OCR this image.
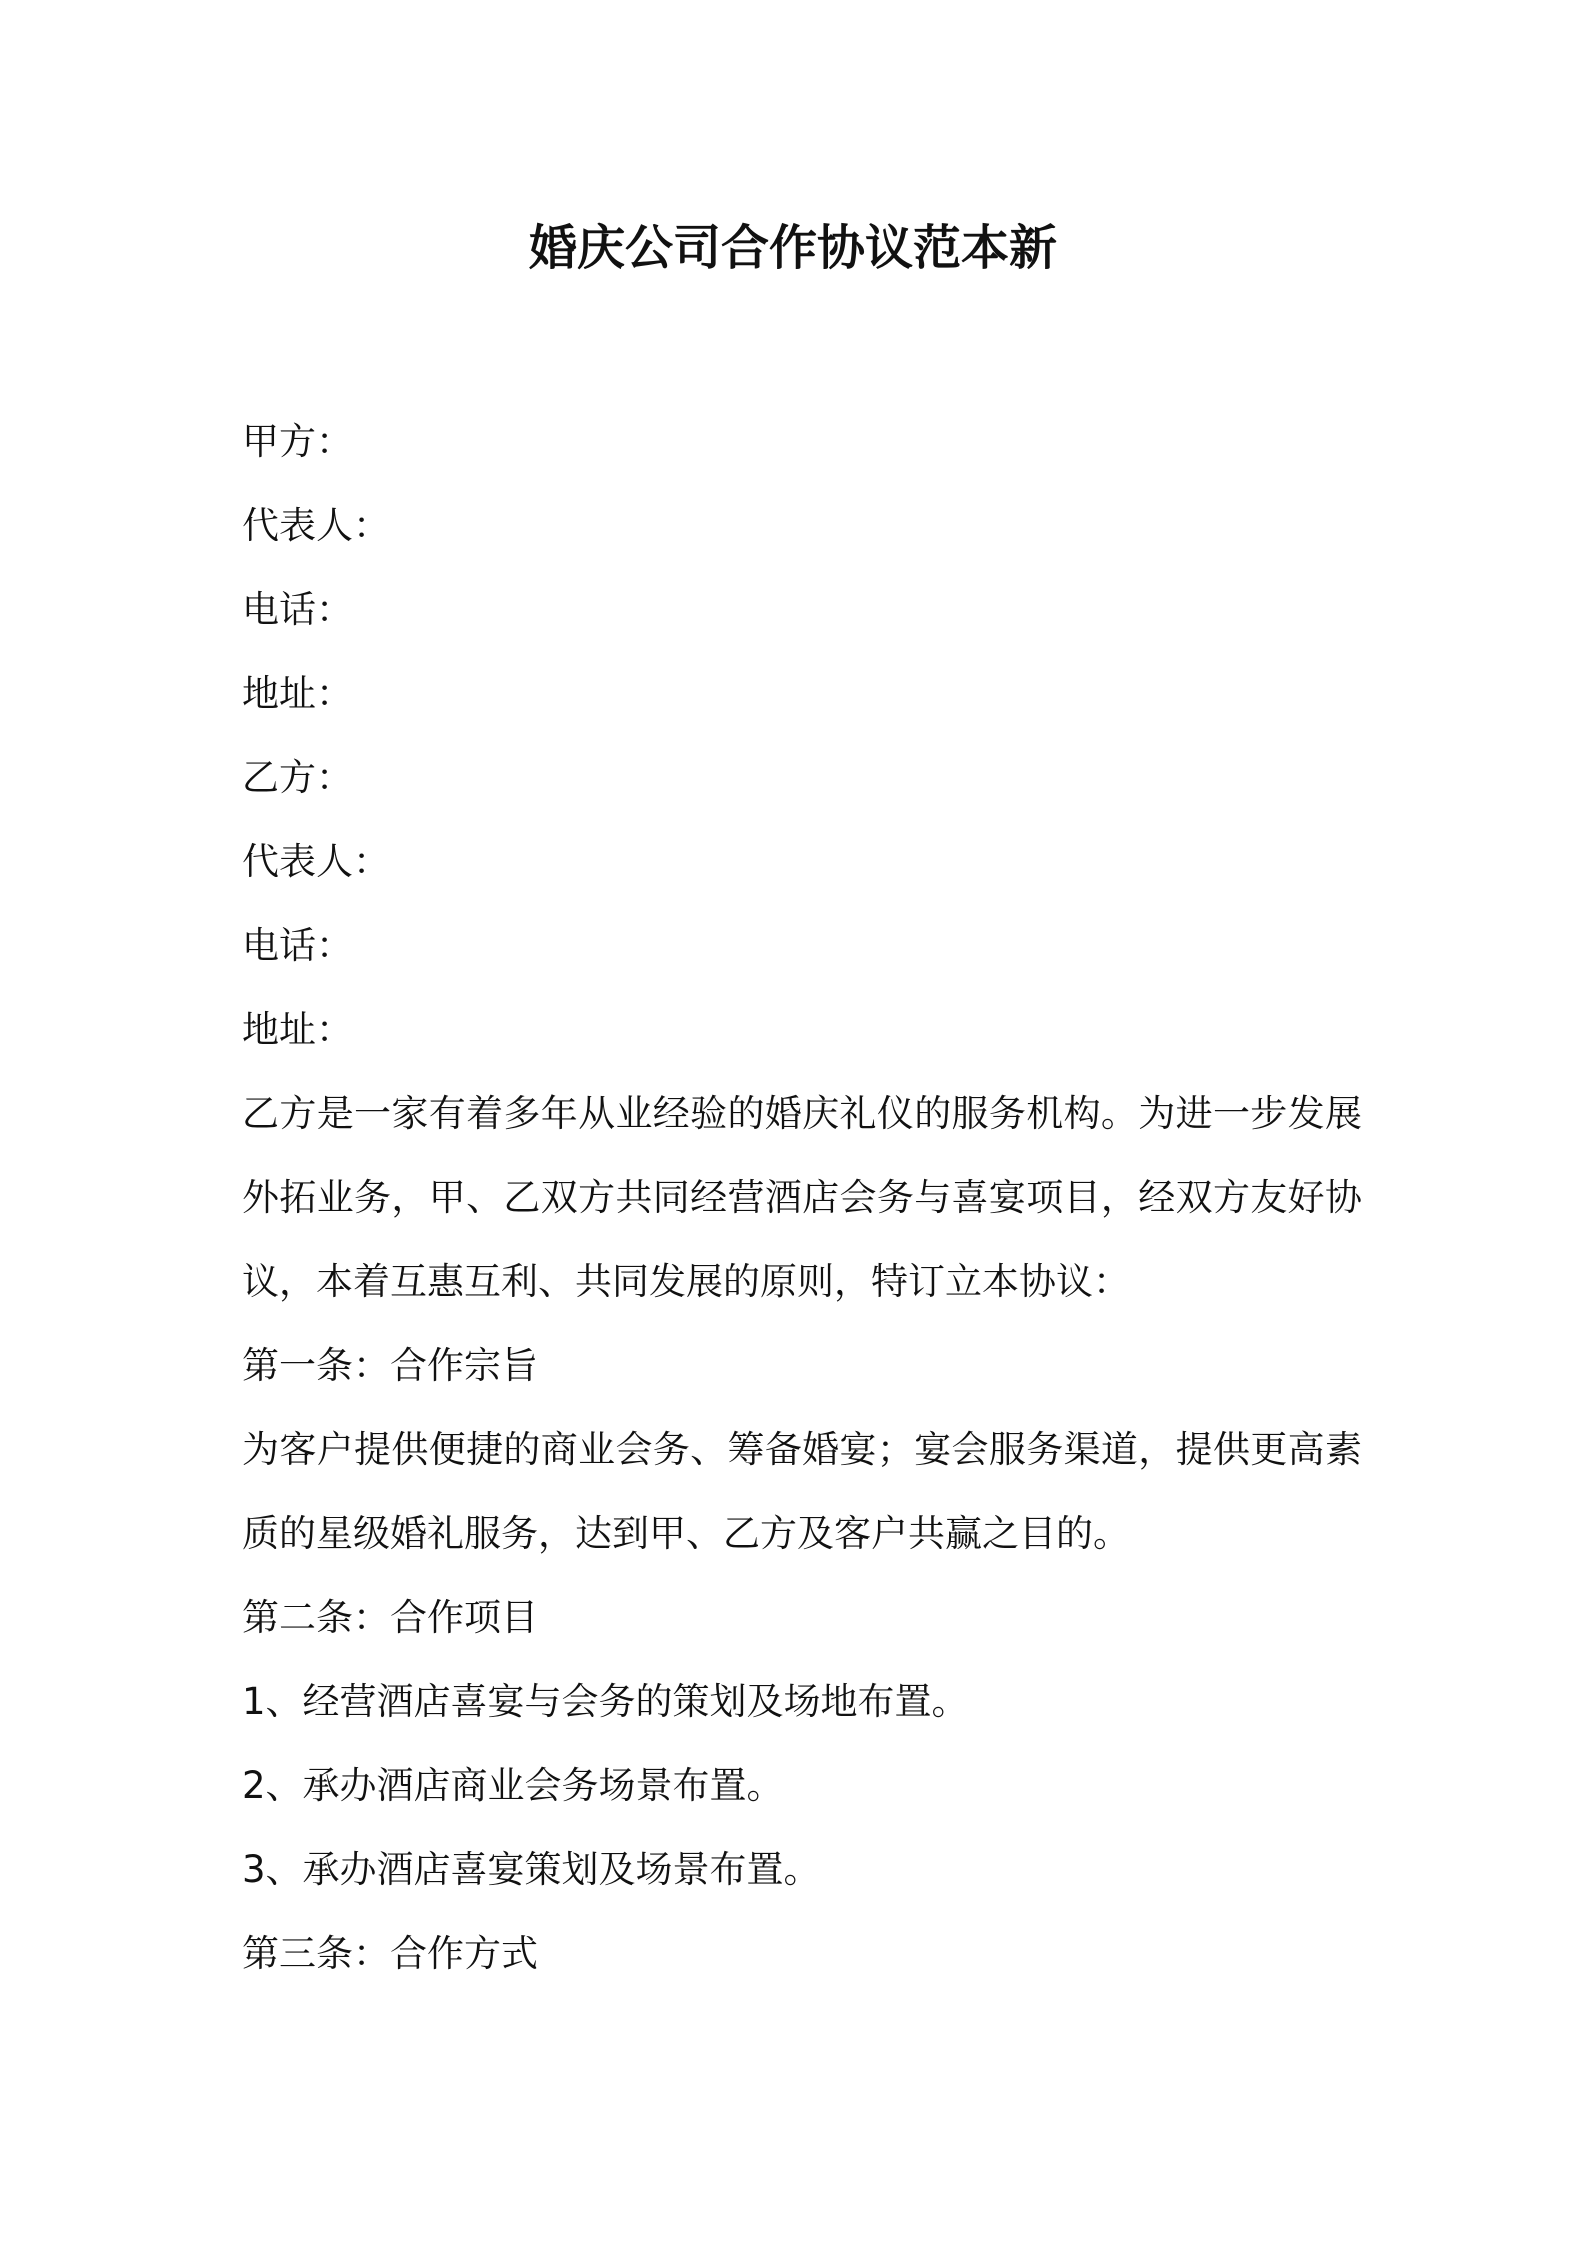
婚庆公司合作协议范本新
甲方：
代表人：
电话：
地址：
乙方：
代表人：
电话：
地址：
乙方是一家有着多年从业经验的婚庆礼仪的服务机构。为进一步发展外拓业务，甲、乙双方共同经营酒店会务与喜宴项目，经双方友好协议，本着互惠互利、共同发展的原则，特订立本协议：
第一条：合作宗旨
为客户提供便捷的商业会务、筹备婚宴；宴会服务渠道，提供更高素质的星级婚礼服务，达到甲、乙方及客户共赢之目的。
第二条：合作项目
1、经营酒店喜宴与会务的策划及场地布置。
2、承办酒店商业会务场景布置。
3、承办酒店喜宴策划及场景布置。
第三条：合作方式
